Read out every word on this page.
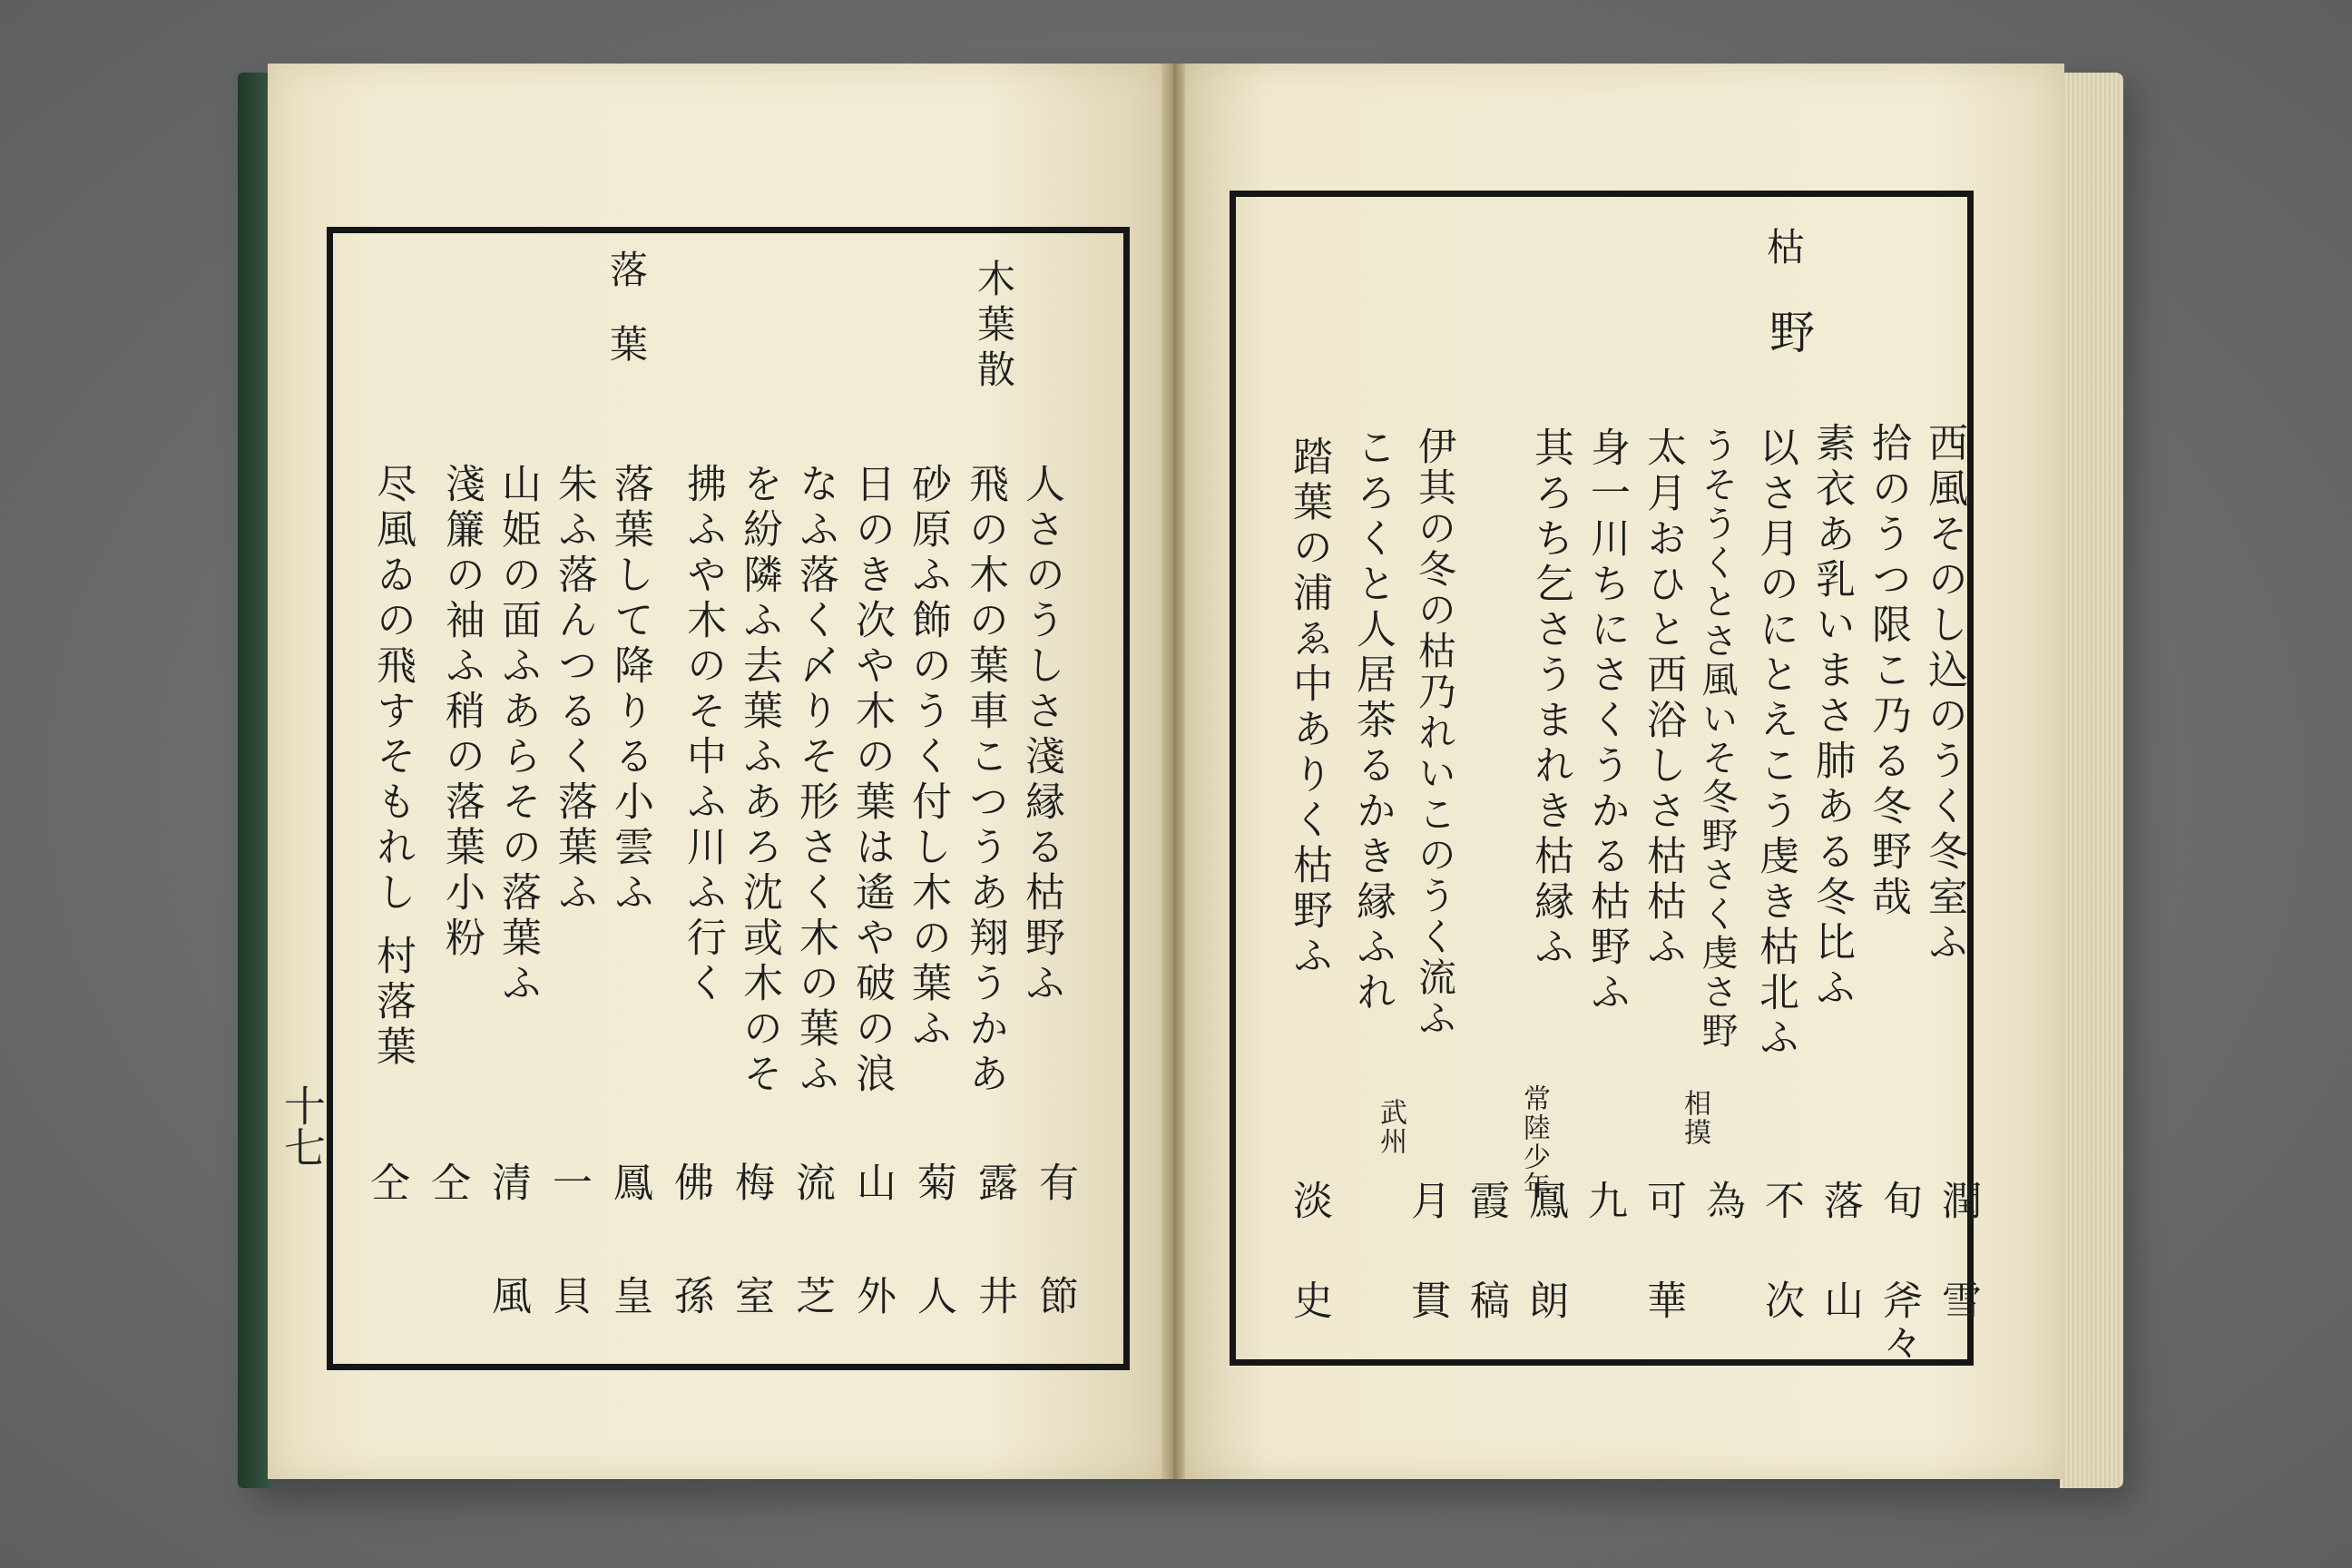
木葉散
落葉
人さのうしさ淺縁る枯野ふ
飛の木の葉車こつうあ翔うかあ
砂原ふ飾のうく付し木の葉ふ
日のき次や木の葉は遙や破の浪
なふ落く〆りそ形さく木の葉ふ
を紛隣ふ去葉ふあろ沈或木のそ
拂ふや木のそ中ふ川ふ行く
落葉して降りる小雲ふ
朱ふ落んつるく落葉ふ
山姫の面ふあらその落葉ふ
淺簾の袖ふ稍の落葉小粉
尽風ゐの飛すそもれし 村落葉
有
露
菊
山
流
梅
佛
鳳
一
清
仝
仝
節
井
人
外
芝
室
孫
皇
貝
風
十七
枯
野
西風そのし込のうく冬室ふ
拾のうつ限こ乃る冬野哉
素衣あ乳いまさ肺ある冬比ふ
以さ月のにとえこう虔き枯北ふ
うそうくとさ風いそ冬野さく虔さ野
太月おひと西浴しさ枯枯ふ
身一川ちにさくうかる枯野ふ
其ろち乞さうまれき枯縁ふ
伊其の冬の枯乃れいこのうく流ふ
ころくと人居茶るかき縁ふれ
踏葉の浦ゑ中ありく枯野ふ
相摸
常陸少年
武州
潤
旬
落
不
為
可
九
鳳
霞
月
淡
雪
斧々
山
次
華
朗
稿
貫
史
